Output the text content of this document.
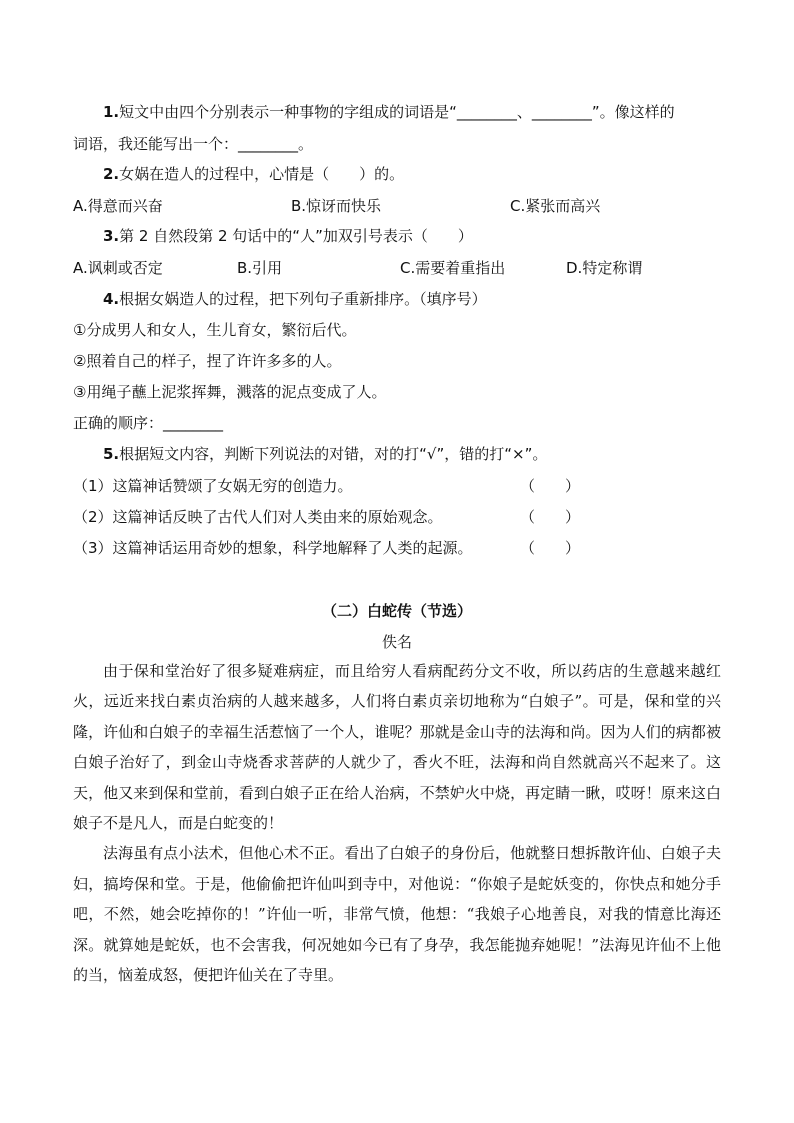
1.短文中由四个分别表示一种事物的字组成的词语是“________、________”。像这样的
词语，我还能写出一个：________。
2.女娲在造人的过程中，心情是（　　）的。
A.得意而兴奋	B.惊讶而快乐	C.紧张而高兴
3.第 2 自然段第 2 句话中的“人”加双引号表示（　　）
A.讽刺或否定	B.引用	C.需要着重指出	D.特定称谓
4.根据女娲造人的过程，把下列句子重新排序。（填序号）
①分成男人和女人，生儿育女，繁衍后代。
②照着自己的样子，捏了许许多多的人。
③用绳子蘸上泥浆挥舞，溅落的泥点变成了人。
正确的顺序：________
5.根据短文内容，判断下列说法的对错，对的打“√”，错的打“×”。
（1）这篇神话赞颂了女娲无穷的创造力。	（　　）
（2）这篇神话反映了古代人们对人类由来的原始观念。	（　　）
（3）这篇神话运用奇妙的想象，科学地解释了人类的起源。	（　　）
（二）白蛇传（节选）
佚名

由于保和堂治好了很多疑难病症，而且给穷人看病配药分文不收，所以药店的生意越来越红火，远近来找白素贞治病的人越来越多，人们将白素贞亲切地称为“白娘子”。可是，保和堂的兴隆，许仙和白娘子的幸福生活惹恼了一个人，谁呢？那就是金山寺的法海和尚。因为人们的病都被白娘子治好了，到金山寺烧香求菩萨的人就少了，香火不旺，法海和尚自然就高兴不起来了。这天，他又来到保和堂前，看到白娘子正在给人治病，不禁妒火中烧，再定睛一瞅，哎呀！原来这白娘子不是凡人，而是白蛇变的！

法海虽有点小法术，但他心术不正。看出了白娘子的身份后，他就整日想拆散许仙、白娘子夫妇，搞垮保和堂。于是，他偷偷把许仙叫到寺中，对他说：“你娘子是蛇妖变的，你快点和她分手吧，不然，她会吃掉你的！”许仙一听，非常气愤，他想：“我娘子心地善良，对我的情意比海还深。就算她是蛇妖，也不会害我，何况她如今已有了身孕，我怎能抛弃她呢！”法海见许仙不上他的当，恼羞成怒，便把许仙关在了寺里。
